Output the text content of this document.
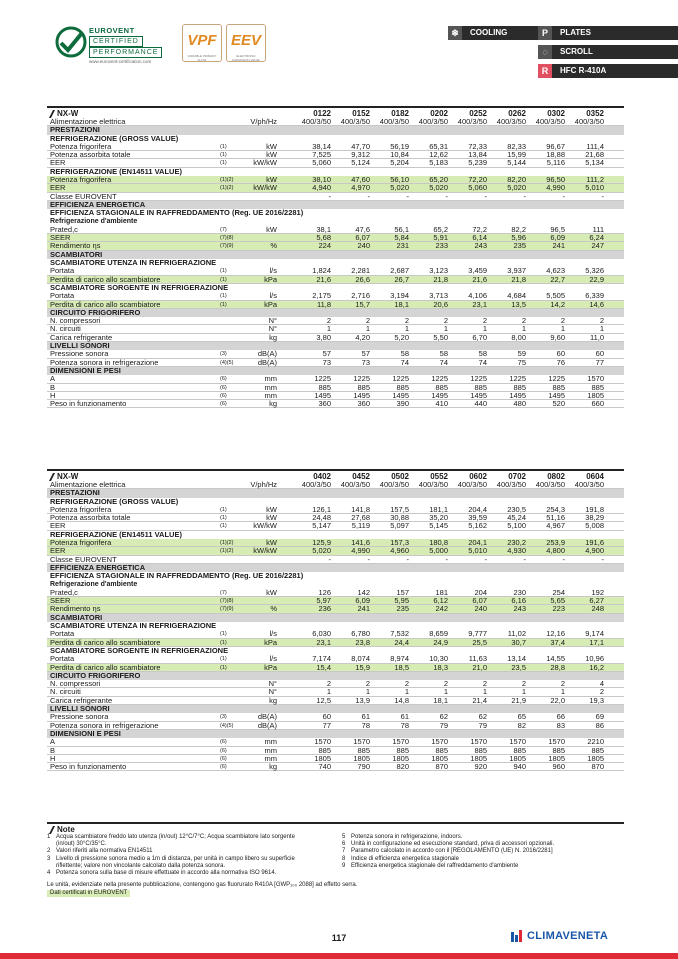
EUROVENT
CERTIFIED
PERFORMANCE
www.eurovent-certification.com
VPF
VARIABLE PRIMARY FLOW
EEV
ELECTRONIC EXPANSION VALVE
❄	COOLING	P	PLATES
◌	SCROLL
R	HFC R-410A
NX-W	0122	0152	0182	0202	0252	0262	0302	0352
Alimentazione elettrica	V/ph/Hz	400/3/50	400/3/50	400/3/50	400/3/50	400/3/50	400/3/50	400/3/50	400/3/50
PRESTAZIONI
REFRIGERAZIONE (GROSS VALUE)
Potenza frigorifera	(1)	kW	38,14	47,70	56,19	65,31	72,33	82,33	96,67	111,4
Potenza assorbita totale	(1)	kW	7,525	9,312	10,84	12,62	13,84	15,99	18,88	21,68
EER	(1)	kW/kW	5,060	5,124	5,204	5,183	5,239	5,144	5,116	5,134
REFRIGERAZIONE (EN14511 VALUE)
Potenza frigorifera	(1)(2)	kW	38,10	47,60	56,10	65,20	72,20	82,20	96,50	111,2
EER	(1)(2)	kW/kW	4,940	4,970	5,020	5,020	5,060	5,020	4,990	5,010
Classe EUROVENT	-	-	-	-	-	-	-	-
EFFICIENZA ENERGETICA
EFFICIENZA STAGIONALE IN RAFFREDDAMENTO (Reg. UE 2016/2281)
Refrigerazione d'ambiente
Prated,c	(7)	kW	38,1	47,6	56,1	65,2	72,2	82,2	96,5	111
SEER	(7)(8)	5,68	6,07	5,84	5,91	6,14	5,96	6,09	6,24
Rendimento ηs	(7)(9)	%	224	240	231	233	243	235	241	247
SCAMBIATORI
SCAMBIATORE UTENZA IN REFRIGERAZIONE
Portata	(1)	l/s	1,824	2,281	2,687	3,123	3,459	3,937	4,623	5,326
Perdita di carico allo scambiatore	(1)	kPa	21,6	26,6	26,7	21,8	21,6	21,8	22,7	22,9
SCAMBIATORE SORGENTE IN REFRIGERAZIONE
Portata	(1)	l/s	2,175	2,716	3,194	3,713	4,106	4,684	5,505	6,339
Perdita di carico allo scambiatore	(1)	kPa	11,8	15,7	18,1	20,6	23,1	13,5	14,2	14,6
CIRCUITO FRIGORIFERO
N. compressori	N°	2	2	2	2	2	2	2	2
N. circuiti	N°	1	1	1	1	1	1	1	1
Carica refrigerante	kg	3,80	4,20	5,20	5,50	6,70	8,00	9,60	11,0
LIVELLI SONORI
Pressione sonora	(3)	dB(A)	57	57	58	58	58	59	60	60
Potenza sonora in refrigerazione	(4)(5)	dB(A)	73	73	74	74	74	75	76	77
DIMENSIONI E PESI
A	(6)	mm	1225	1225	1225	1225	1225	1225	1225	1570
B	(6)	mm	885	885	885	885	885	885	885	885
H	(6)	mm	1495	1495	1495	1495	1495	1495	1495	1805
Peso in funzionamento	(6)	kg	360	360	390	410	440	480	520	660
NX-W	0402	0452	0502	0552	0602	0702	0802	0604
Alimentazione elettrica	V/ph/Hz	400/3/50	400/3/50	400/3/50	400/3/50	400/3/50	400/3/50	400/3/50	400/3/50
PRESTAZIONI
REFRIGERAZIONE (GROSS VALUE)
Potenza frigorifera	(1)	kW	126,1	141,8	157,5	181,1	204,4	230,5	254,3	191,8
Potenza assorbita totale	(1)	kW	24,48	27,68	30,88	35,20	39,59	45,24	51,16	38,29
EER	(1)	kW/kW	5,147	5,119	5,097	5,145	5,162	5,100	4,967	5,008
REFRIGERAZIONE (EN14511 VALUE)
Potenza frigorifera	(1)(2)	kW	125,9	141,6	157,3	180,8	204,1	230,2	253,9	191,6
EER	(1)(2)	kW/kW	5,020	4,990	4,960	5,000	5,010	4,930	4,800	4,900
Classe EUROVENT	-	-	-	-	-	-	-	-
EFFICIENZA ENERGETICA
EFFICIENZA STAGIONALE IN RAFFREDDAMENTO (Reg. UE 2016/2281)
Refrigerazione d'ambiente
Prated,c	(7)	kW	126	142	157	181	204	230	254	192
SEER	(7)(8)	5,97	6,09	5,95	6,12	6,07	6,16	5,65	6,27
Rendimento ηs	(7)(9)	%	236	241	235	242	240	243	223	248
SCAMBIATORI
SCAMBIATORE UTENZA IN REFRIGERAZIONE
Portata	(1)	l/s	6,030	6,780	7,532	8,659	9,777	11,02	12,16	9,174
Perdita di carico allo scambiatore	(1)	kPa	23,1	23,8	24,4	24,9	25,5	30,7	37,4	17,1
SCAMBIATORE SORGENTE IN REFRIGERAZIONE
Portata	(1)	l/s	7,174	8,074	8,974	10,30	11,63	13,14	14,55	10,96
Perdita di carico allo scambiatore	(1)	kPa	15,4	15,9	18,5	18,3	21,0	23,5	28,8	16,2
CIRCUITO FRIGORIFERO
N. compressori	N°	2	2	2	2	2	2	2	4
N. circuiti	N°	1	1	1	1	1	1	1	2
Carica refrigerante	kg	12,5	13,9	14,8	18,1	21,4	21,9	22,0	19,3
LIVELLI SONORI
Pressione sonora	(3)	dB(A)	60	61	61	62	62	65	66	69
Potenza sonora in refrigerazione	(4)(5)	dB(A)	77	78	78	79	79	82	83	86
DIMENSIONI E PESI
A	(6)	mm	1570	1570	1570	1570	1570	1570	1570	2210
B	(6)	mm	885	885	885	885	885	885	885	885
H	(6)	mm	1805	1805	1805	1805	1805	1805	1805	1805
Peso in funzionamento	(6)	kg	740	790	820	870	920	940	960	870
Note
1 Acqua scambiatore freddo lato utenza (in/out) 12°C/7°C; Acqua scambiatore lato sorgente
(in/out) 30°C/35°C.
2 Valori riferiti alla normativa EN14511
3 Livello di pressione sonora medio a 1m di distanza, per unità in campo libero su superficie
riflettente; valore non vincolante calcolato dalla potenza sonora.
4 Potenza sonora sulla base di misure effettuate in accordo alla normativa ISO 9614.
5 Potenza sonora in refrigerazione, indoors.
6 Unità in configurazione ed esecuzione standard, priva di accessori opzionali.
7 Parametro calcolato in accordo con il [REGOLAMENTO (UE) N. 2016/2281]
8 Indice di efficienza energetica stagionale
9 Efficienza energetica stagionale del raffreddamento d'ambiente
Le unità, evidenziate nella presente pubblicazione, contengono gas fluorurato R410A [GWP₁₀₀ 2088] ad effetto serra.
Dati certificati in EUROVENT
117	CLIMAVENETA
